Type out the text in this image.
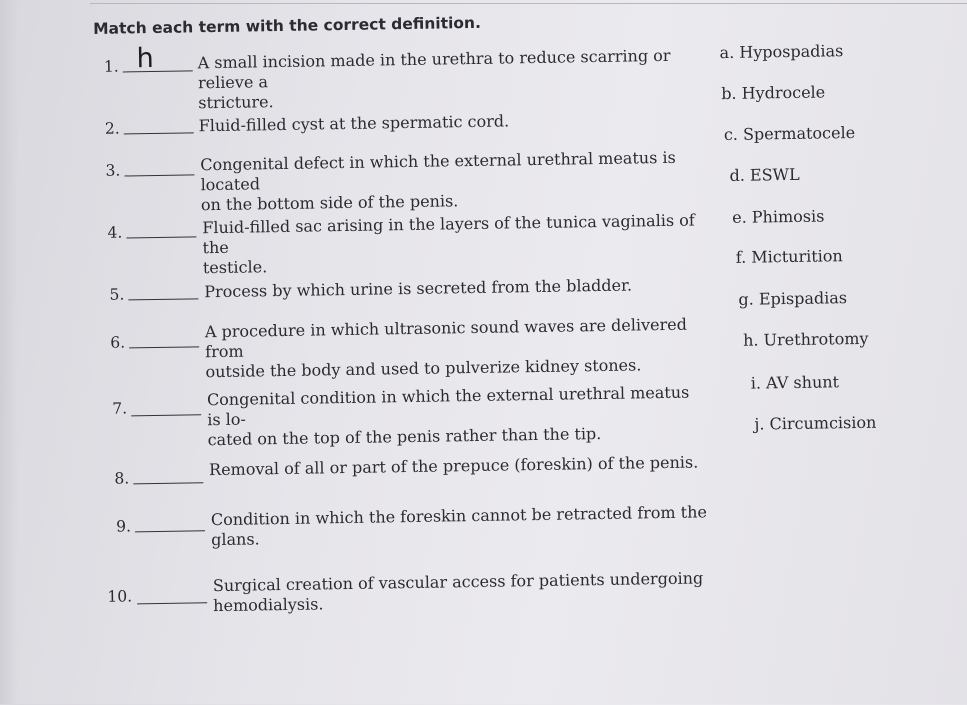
Match each term with the correct definition.
1. h	A small incision made in the urethra to reduce scarring or relieve a
stricture.
2.	Fluid-filled cyst at the spermatic cord.
3.	Congenital defect in which the external urethral meatus is located
on the bottom side of the penis.
4.	Fluid-filled sac arising in the layers of the tunica vaginalis of the
testicle.
5.	Process by which urine is secreted from the bladder.
6.
A procedure in which ultrasonic sound waves are delivered from
outside the body and used to pulverize kidney stones.
7.	Congenital condition in which the external urethral meatus is lo-
cated on the top of the penis rather than the tip.
8.	Removal of all or part of the prepuce (foreskin) of the penis.
9.	Condition in which the foreskin cannot be retracted from the
glans.
10.
Surgical creation of vascular access for patients undergoing
hemodialysis.
a. Hypospadias
b. Hydrocele
c. Spermatocele
d. ESWL
e. Phimosis
f. Micturition
g. Epispadias
h. Urethrotomy
i. AV shunt
j. Circumcision
